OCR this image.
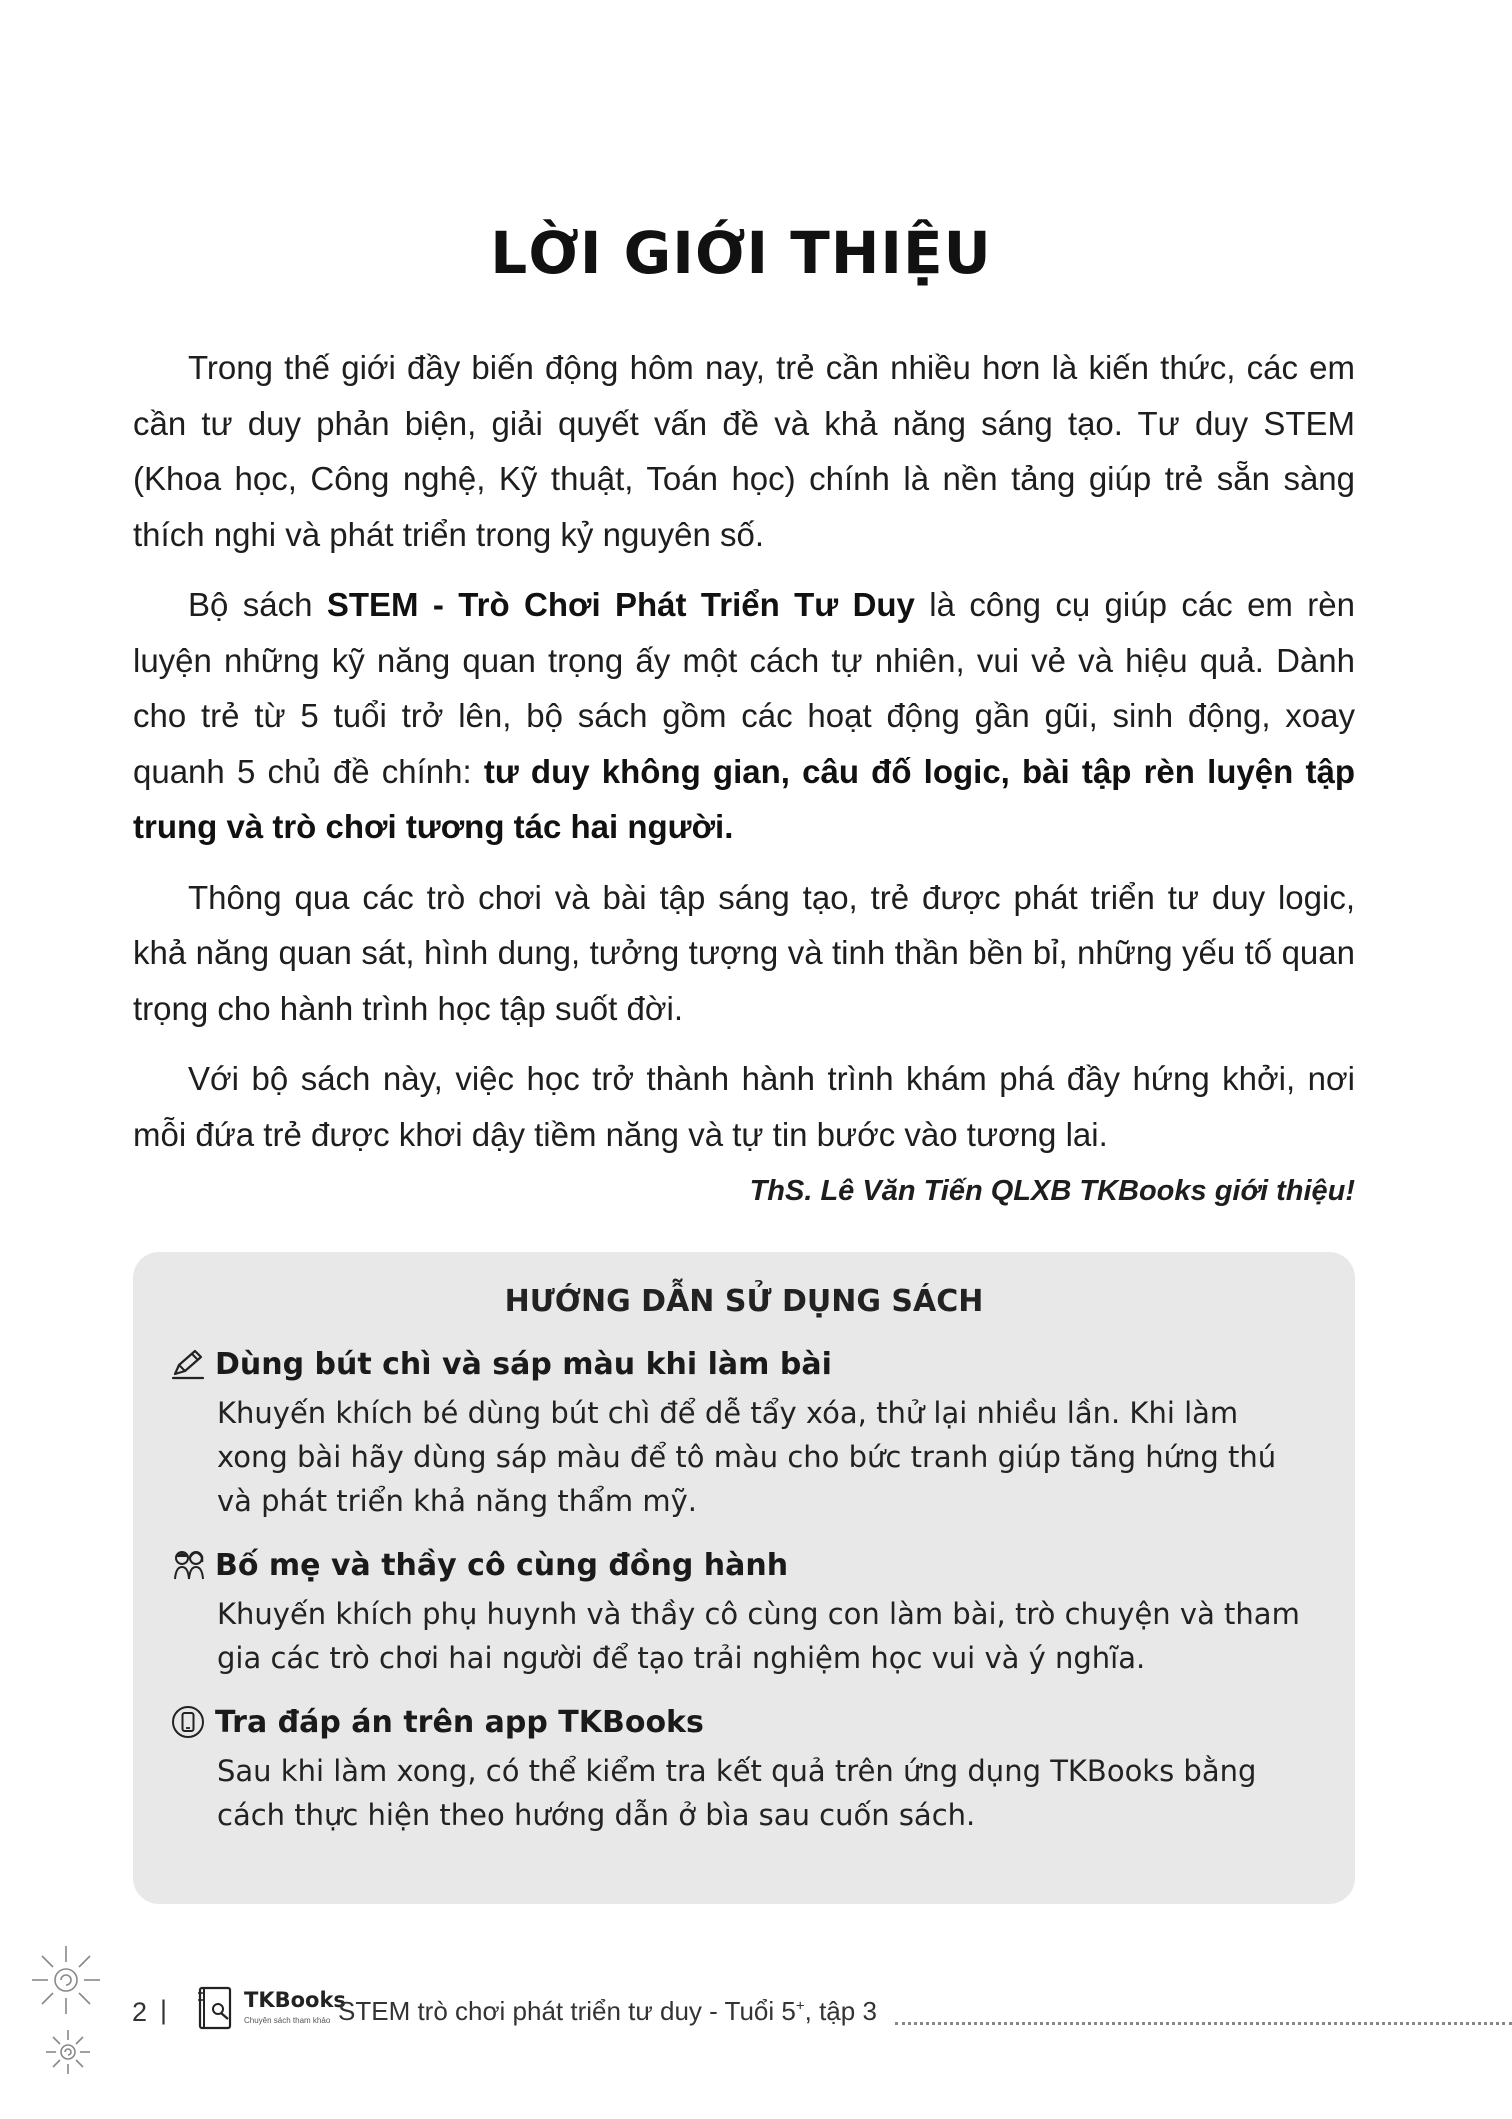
LỜI GIỚI THIỆU

Trong thế giới đầy biến động hôm nay, trẻ cần nhiều hơn là kiến thức, các em cần tư duy phản biện, giải quyết vấn đề và khả năng sáng tạo. Tư duy STEM (Khoa học, Công nghệ, Kỹ thuật, Toán học) chính là nền tảng giúp trẻ sẵn sàng thích nghi và phát triển trong kỷ nguyên số.

Bộ sách STEM - Trò Chơi Phát Triển Tư Duy là công cụ giúp các em rèn luyện những kỹ năng quan trọng ấy một cách tự nhiên, vui vẻ và hiệu quả. Dành cho trẻ từ 5 tuổi trở lên, bộ sách gồm các hoạt động gần gũi, sinh động, xoay quanh 5 chủ đề chính: tư duy không gian, câu đố logic, bài tập rèn luyện tập trung và trò chơi tương tác hai người.

Thông qua các trò chơi và bài tập sáng tạo, trẻ được phát triển tư duy logic, khả năng quan sát, hình dung, tưởng tượng và tinh thần bền bỉ, những yếu tố quan trọng cho hành trình học tập suốt đời.

Với bộ sách này, việc học trở thành hành trình khám phá đầy hứng khởi, nơi mỗi đứa trẻ được khơi dậy tiềm năng và tự tin bước vào tương lai.

ThS. Lê Văn Tiến QLXB TKBooks giới thiệu!
HƯỚNG DẪN SỬ DỤNG SÁCH
Dùng bút chì và sáp màu khi làm bài
Khuyến khích bé dùng bút chì để dễ tẩy xóa, thử lại nhiều lần. Khi làm xong bài hãy dùng sáp màu để tô màu cho bức tranh giúp tăng hứng thú và phát triển khả năng thẩm mỹ.
Bố mẹ và thầy cô cùng đồng hành
Khuyến khích phụ huynh và thầy cô cùng con làm bài, trò chuyện và tham gia các trò chơi hai người để tạo trải nghiệm học vui và ý nghĩa.
Tra đáp án trên app TKBooks
Sau khi làm xong, có thể kiểm tra kết quả trên ứng dụng TKBooks bằng cách thực hiện theo hướng dẫn ở bìa sau cuốn sách.
2 |	TKBooks
Chuyên sách tham khảo STEM trò chơi phát triển tư duy - Tuổi 5+, tập 3
